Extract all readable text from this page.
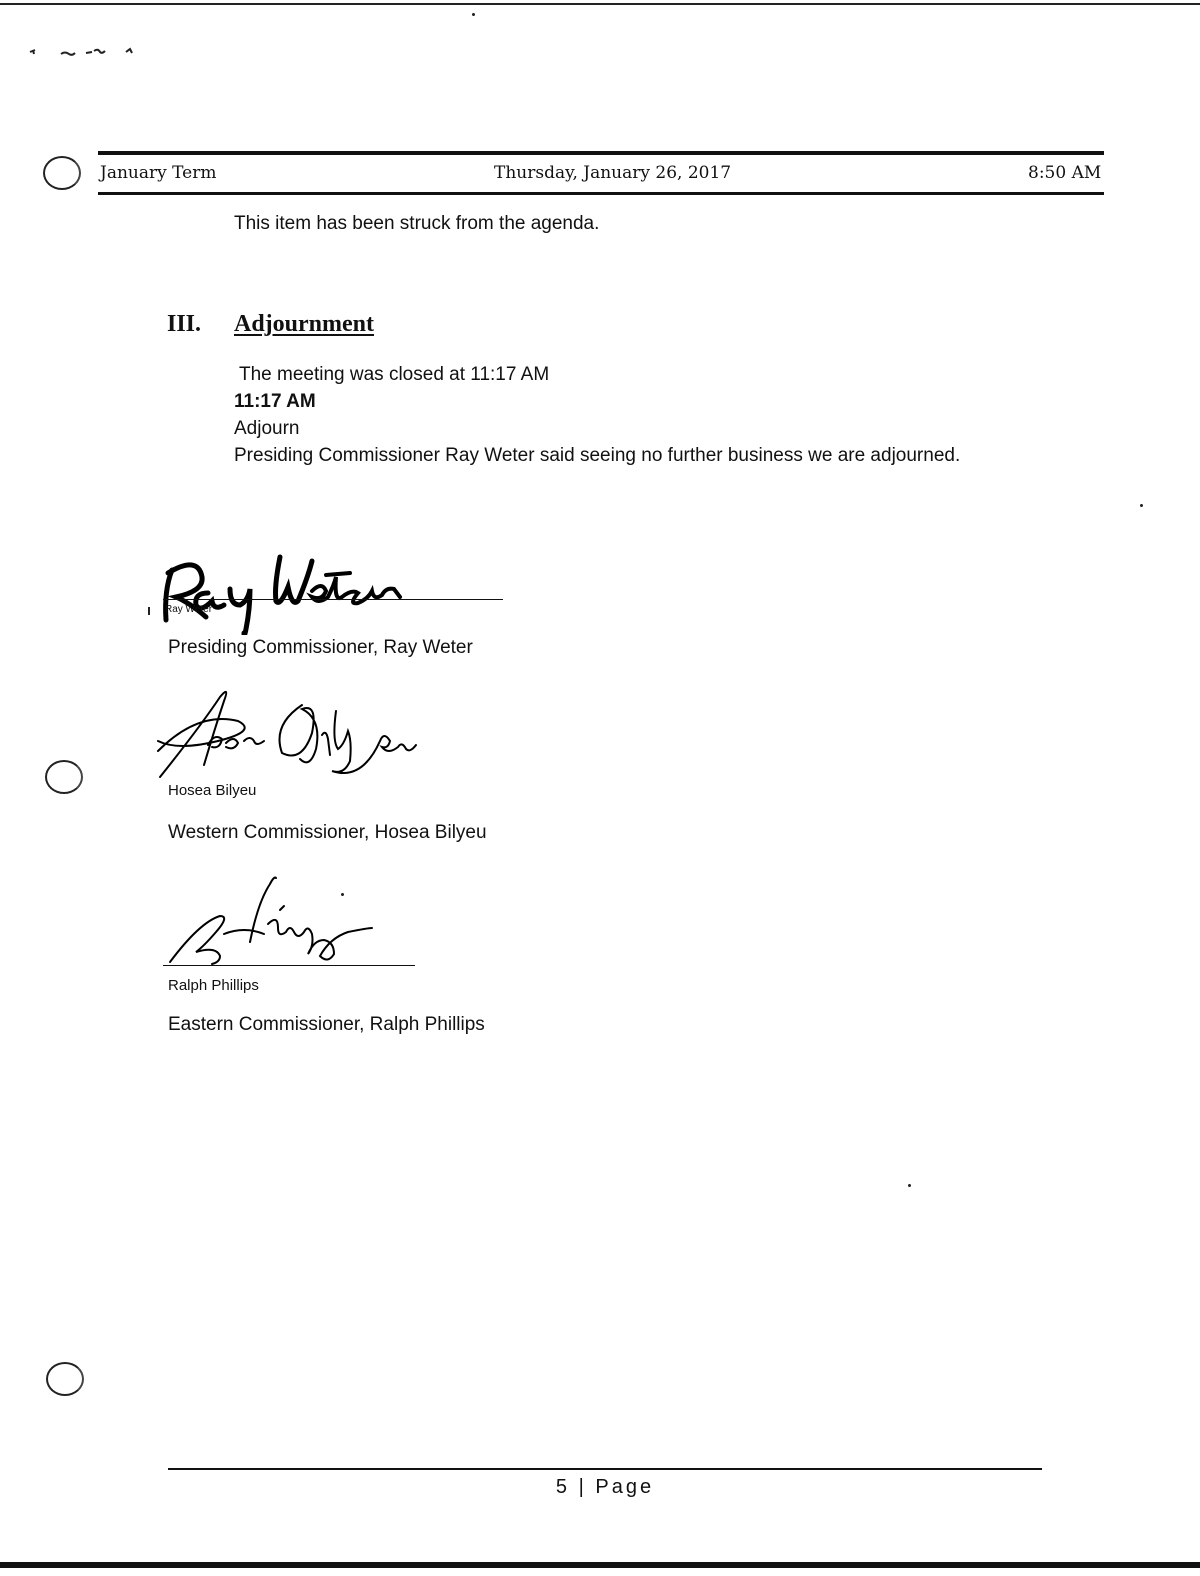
January Term	Thursday, January 26, 2017	8:50 AM
This item has been struck from the agenda.
III. Adjournment
The meeting was closed at 11:17 AM
11:17 AM
Adjourn
Presiding Commissioner Ray Weter said seeing no further business we are adjourned.
Ray Weter
Presiding Commissioner, Ray Weter
Hosea Bilyeu
Western Commissioner, Hosea Bilyeu
Ralph Phillips
Eastern Commissioner, Ralph Phillips
5 | Page
